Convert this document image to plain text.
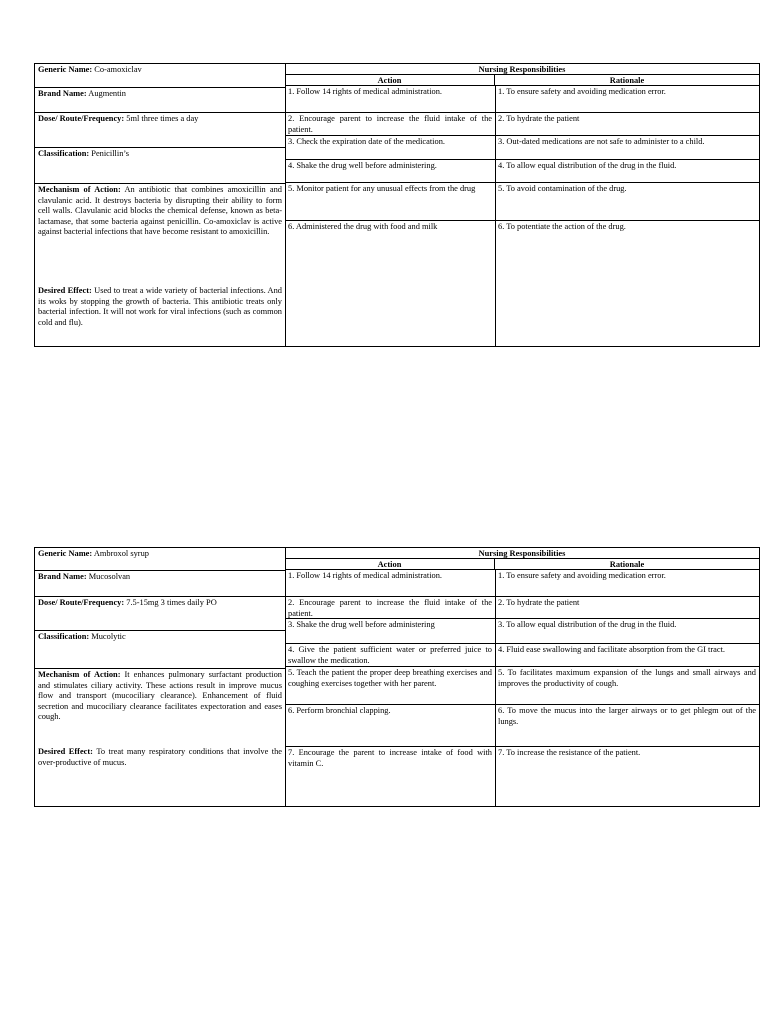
Generic Name: Co-amoxiclav
Brand Name: Augmentin
Dose/ Route/Frequency: 5ml three times a day
Classification: Penicillin’s
Mechanism of Action: An antibiotic that combines amoxicillin and clavulanic acid. It destroys bacteria by disrupting their ability to form cell walls. Clavulanic acid blocks the chemical defense, known as beta-lactamase, that some bacteria against penicillin. Co-amoxiclav is active against bacterial infections that have become resistant to amoxicillin.
Desired Effect: Used to treat a wide variety of bacterial infections. And its woks by stopping the growth of bacteria. This antibiotic treats only bacterial infection. It will not work for viral infections (such as common cold and flu).
Nursing Responsibilities
Action	Rationale
1. Follow 14 rights of medical administration.
2. Encourage parent to increase the fluid intake of the patient.
3. Check the expiration date of the medication.
4. Shake the drug well before administering.
5. Monitor patient for any unusual effects from the drug
6. Administered the drug with food and milk
1. To ensure safety and avoiding medication error.
2. To hydrate the patient
3. Out-dated medications are not safe to administer to a child.
4. To allow equal distribution of the drug in the fluid.
5. To avoid contamination of the drug.
6. To potentiate the action of the drug.
Generic Name: Ambroxol syrup
Brand Name: Mucosolvan
Dose/ Route/Frequency: 7.5-15mg 3 times daily PO
Classification: Mucolytic
Mechanism of Action: It enhances pulmonary surfactant production and stimulates ciliary activity. These actions result in improve mucus flow and transport (mucociliary clearance). Enhancement of fluid secretion and mucociliary clearance facilitates expectoration and eases cough.
Desired Effect: To treat many respiratory conditions that involve the over-productive of mucus.
Nursing Responsibilities
Action	Rationale
1. Follow 14 rights of medical administration.
2. Encourage parent to increase the fluid intake of the patient.
3. Shake the drug well before administering
4. Give the patient sufficient water or preferred juice to swallow the medication.
5. Teach the patient the proper deep breathing exercises and coughing exercises together with her parent.
6. Perform bronchial clapping.
7. Encourage the parent to increase intake of food with vitamin C.
1. To ensure safety and avoiding medication error.
2. To hydrate the patient
3. To allow equal distribution of the drug in the fluid.
4. Fluid ease swallowing and facilitate absorption from the GI tract.
5. To facilitates maximum expansion of the lungs and small airways and improves the productivity of cough.
6. To move the mucus into the larger airways or to get phlegm out of the lungs.
7. To increase the resistance of the patient.
